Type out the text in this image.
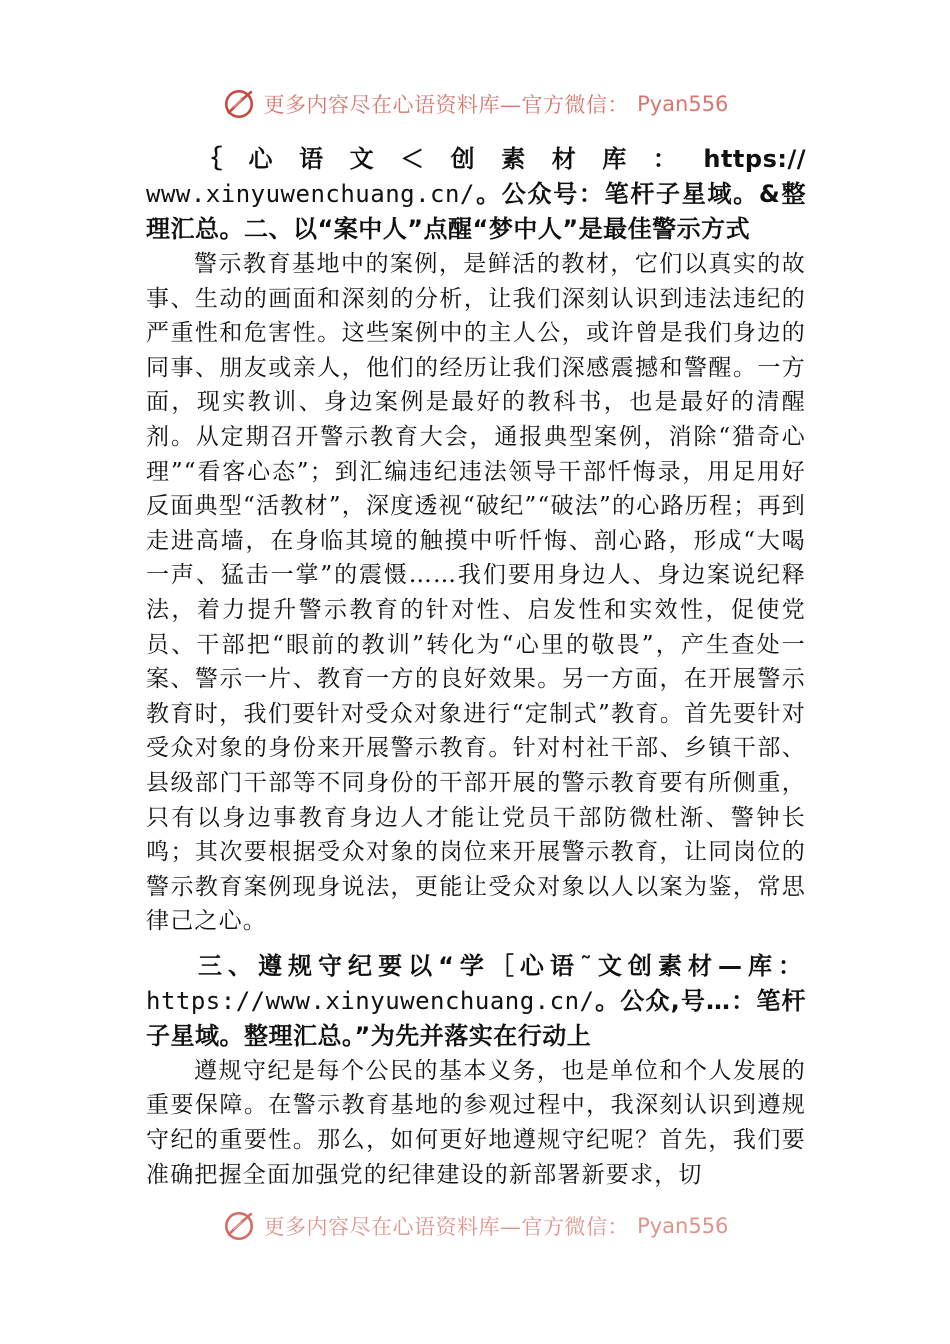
更多内容尽在心语资料库—官方微信： Pyan556
｛心语文＜创素材库：https://
www.xinyuwenchuang.cn/。公众号：笔杆子星域。&整理汇总。二、以“案中人”点醒“梦中人”是最佳警示方式

警示教育基地中的案例，是鲜活的教材，它们以真实的故事、生动的画面和深刻的分析，让我们深刻认识到违法违纪的严重性和危害性。这些案例中的主人公，或许曾是我们身边的同事、朋友或亲人，他们的经历让我们深感震撼和警醒。一方面，现实教训、身边案例是最好的教科书，也是最好的清醒剂。从定期召开警示教育大会，通报典型案例，消除“猎奇心理”“看客心态”；到汇编违纪违法领导干部忏悔录，用足用好反面典型“活教材”，深度透视“破纪”“破法”的心路历程；再到走进高墙，在身临其境的触摸中听忏悔、剖心路，形成“大喝一声、猛击一掌”的震慑……我们要用身边人、身边案说纪释法，着力提升警示教育的针对性、启发性和实效性，促使党员、干部把“眼前的教训”转化为“心里的敬畏”，产生查处一案、警示一片、教育一方的良好效果。另一方面，在开展警示教育时，我们要针对受众对象进行“定制式”教育。首先要针对受众对象的身份来开展警示教育。针对村社干部、乡镇干部、县级部门干部等不同身份的干部开展的警示教育要有所侧重，只有以身边事教育身边人才能让党员干部防微杜渐、警钟长鸣；其次要根据受众对象的岗位来开展警示教育，让同岗位的警示教育案例现身说法，更能让受众对象以人以案为鉴，常思律己之心。

三、遵规守纪要以“学［心语˜文创素材—库：https://www.xinyuwenchuang.cn/。公众,号…：笔杆子星域。整理汇总。”为先并落实在行动上

遵规守纪是每个公民的基本义务，也是单位和个人发展的重要保障。在警示教育基地的参观过程中，我深刻认识到遵规守纪的重要性。那么，如何更好地遵规守纪呢？首先，我们要准确把握全面加强党的纪律建设的新部署新要求，切

更多内容尽在心语资料库—官方微信： Pyan556
